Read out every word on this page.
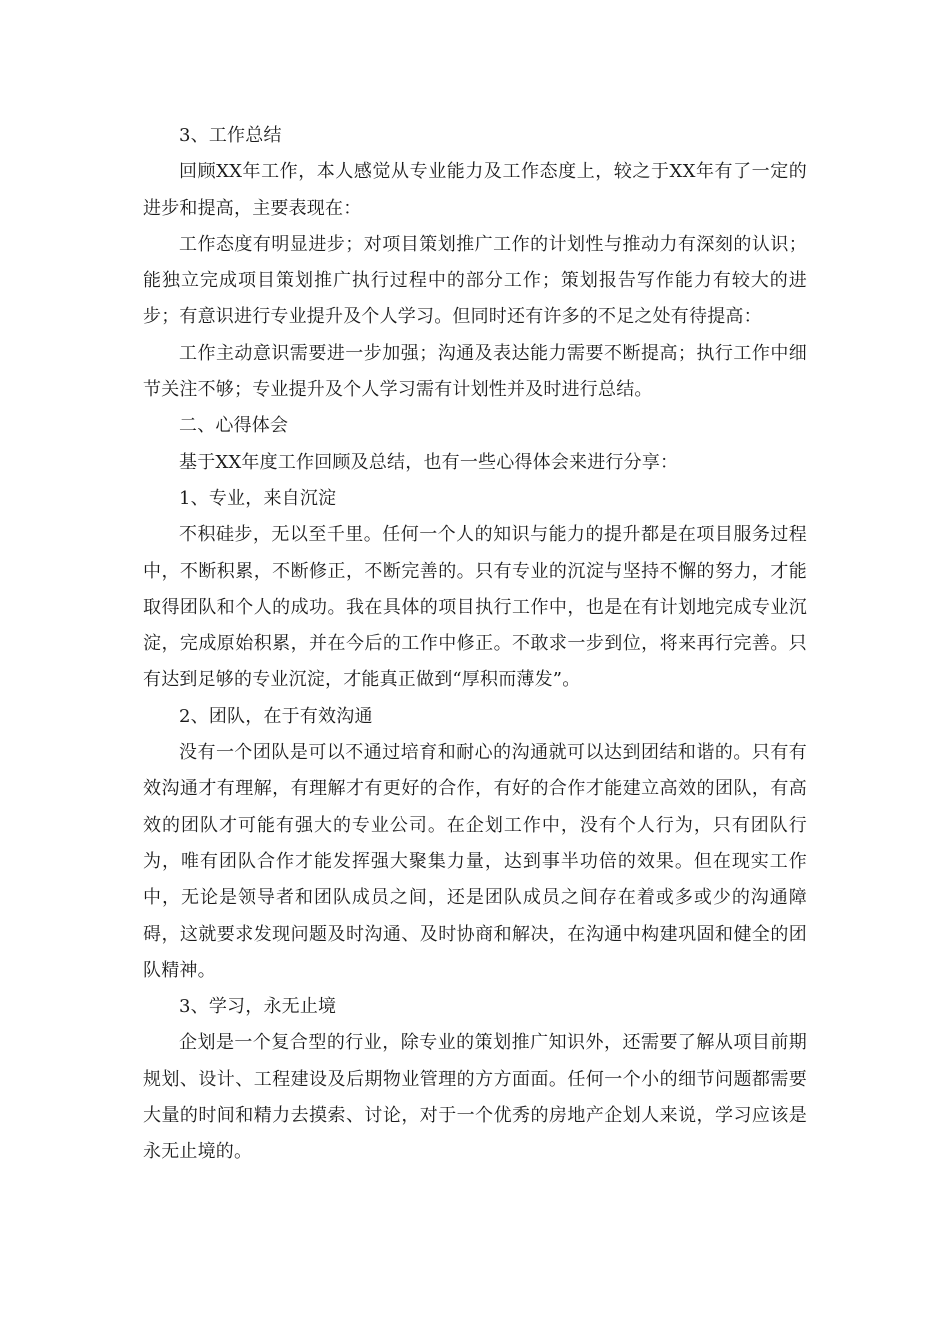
3、工作总结

回顾XX年工作，本人感觉从专业能力及工作态度上，较之于XX年有了一定的进步和提高，主要表现在：

工作态度有明显进步；对项目策划推广工作的计划性与推动力有深刻的认识；能独立完成项目策划推广执行过程中的部分工作；策划报告写作能力有较大的进步；有意识进行专业提升及个人学习。但同时还有许多的不足之处有待提高：

工作主动意识需要进一步加强；沟通及表达能力需要不断提高；执行工作中细节关注不够；专业提升及个人学习需有计划性并及时进行总结。

二、心得体会

基于XX年度工作回顾及总结，也有一些心得体会来进行分享：

1、专业，来自沉淀

不积硅步，无以至千里。任何一个人的知识与能力的提升都是在项目服务过程中，不断积累，不断修正，不断完善的。只有专业的沉淀与坚持不懈的努力，才能取得团队和个人的成功。我在具体的项目执行工作中，也是在有计划地完成专业沉淀，完成原始积累，并在今后的工作中修正。不敢求一步到位，将来再行完善。只有达到足够的专业沉淀，才能真正做到“厚积而薄发”。

2、团队，在于有效沟通

没有一个团队是可以不通过培育和耐心的沟通就可以达到团结和谐的。只有有效沟通才有理解，有理解才有更好的合作，有好的合作才能建立高效的团队，有高效的团队才可能有强大的专业公司。在企划工作中，没有个人行为，只有团队行为，唯有团队合作才能发挥强大聚集力量，达到事半功倍的效果。但在现实工作中，无论是领导者和团队成员之间，还是团队成员之间存在着或多或少的沟通障碍，这就要求发现问题及时沟通、及时协商和解决，在沟通中构建巩固和健全的团队精神。

3、学习，永无止境

企划是一个复合型的行业，除专业的策划推广知识外，还需要了解从项目前期规划、设计、工程建设及后期物业管理的方方面面。任何一个小的细节问题都需要大量的时间和精力去摸索、讨论，对于一个优秀的房地产企划人来说，学习应该是永无止境的。
